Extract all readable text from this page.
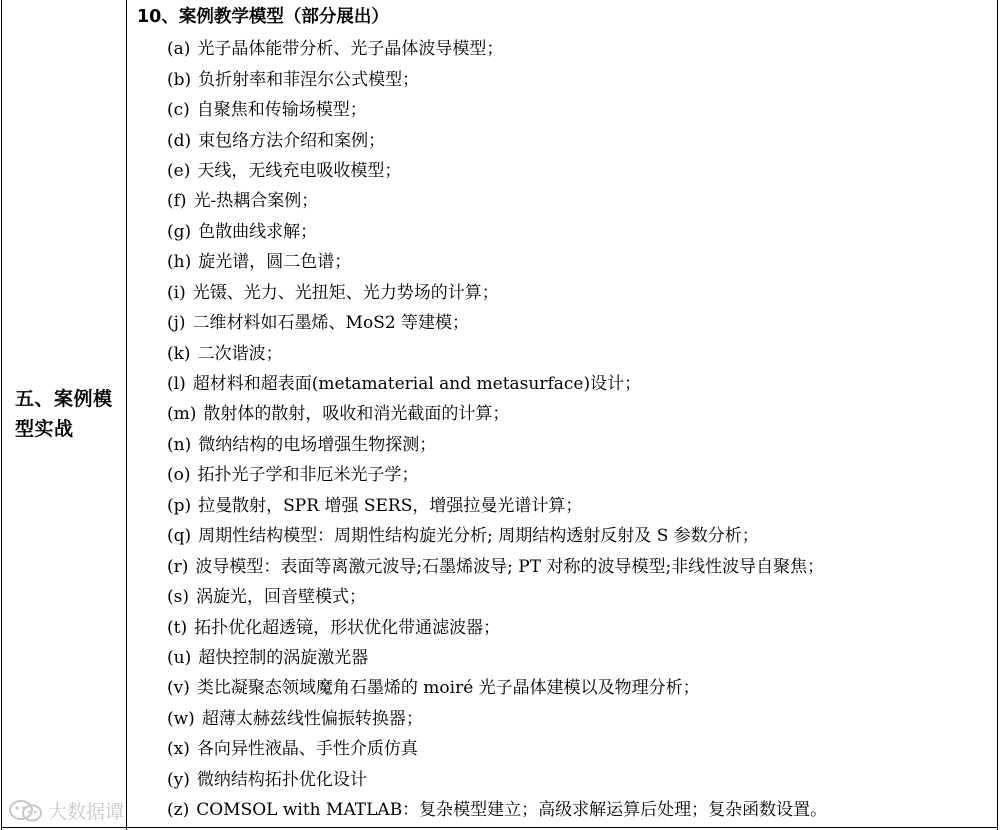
五、案例模型实战
10、案例教学模型（部分展出）
(a) 光子晶体能带分析、光子晶体波导模型；
(b) 负折射率和菲涅尔公式模型；
(c) 自聚焦和传输场模型；
(d) 束包络方法介绍和案例；
(e) 天线，无线充电吸收模型；
(f) 光-热耦合案例；
(g) 色散曲线求解；
(h) 旋光谱，圆二色谱；
(i) 光镊、光力、光扭矩、光力势场的计算；
(j) 二维材料如石墨烯、MoS2 等建模；
(k) 二次谐波；
(l) 超材料和超表面(metamaterial and metasurface)设计；
(m) 散射体的散射，吸收和消光截面的计算；
(n) 微纳结构的电场增强生物探测；
(o) 拓扑光子学和非厄米光子学；
(p) 拉曼散射，SPR 增强 SERS，增强拉曼光谱计算；
(q) 周期性结构模型：周期性结构旋光分析; 周期结构透射反射及 S 参数分析；
(r) 波导模型：表面等离激元波导;石墨烯波导; PT 对称的波导模型;非线性波导自聚焦；
(s) 涡旋光，回音壁模式；
(t) 拓扑优化超透镜，形状优化带通滤波器；
(u) 超快控制的涡旋激光器
(v) 类比凝聚态领域魔角石墨烯的 moiré 光子晶体建模以及物理分析；
(w) 超薄太赫兹线性偏振转换器；
(x) 各向异性液晶、手性介质仿真
(y) 微纳结构拓扑优化设计
(z) COMSOL with MATLAB：复杂模型建立；高级求解运算后处理；复杂函数设置。
大数据谭
